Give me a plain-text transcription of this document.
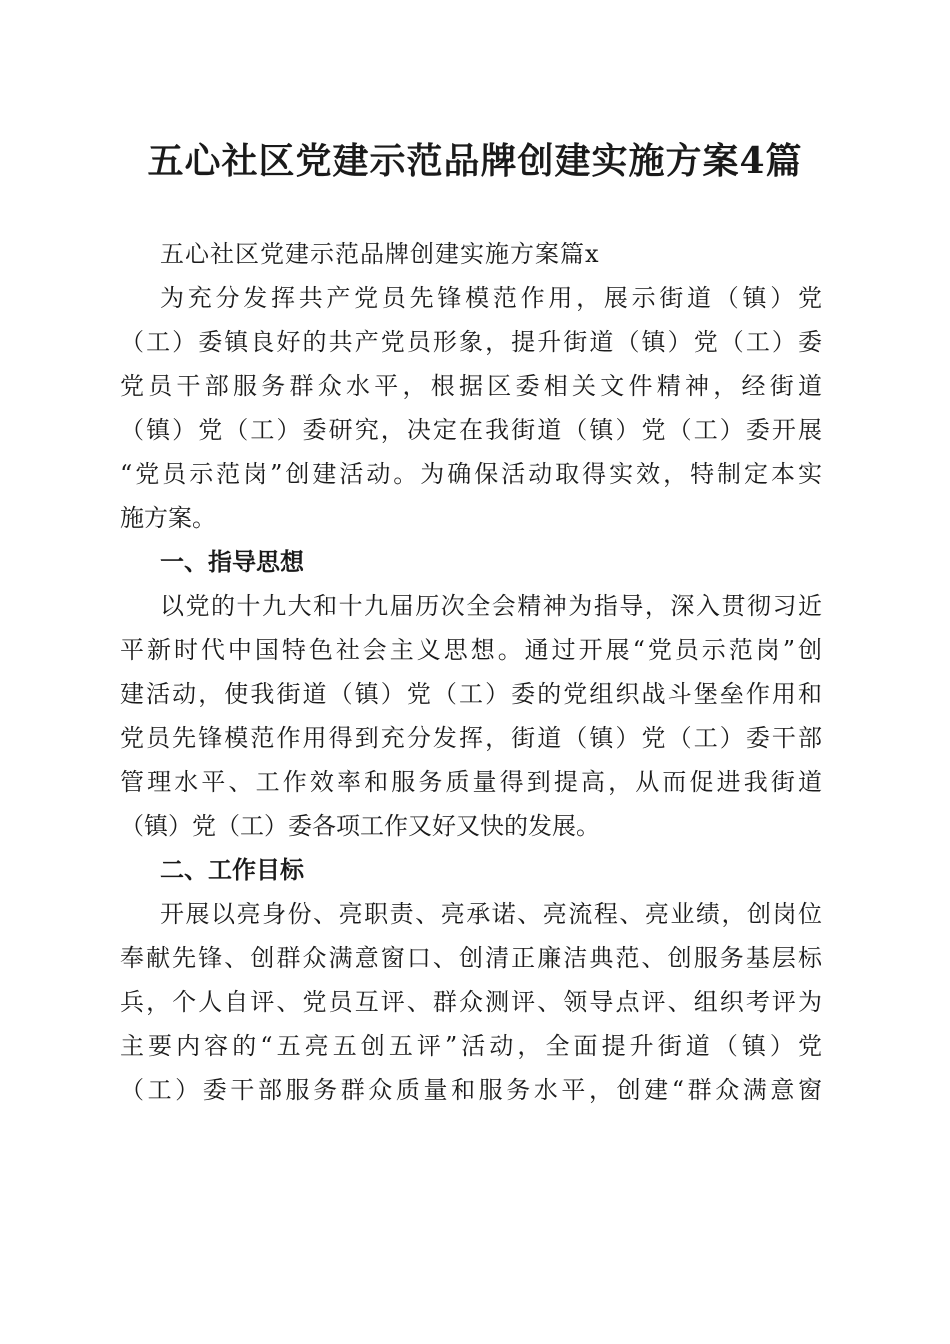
五心社区党建示范品牌创建实施方案4篇
五心社区党建示范品牌创建实施方案篇x
为充分发挥共产党员先锋模范作用，展示街道（镇）党
（工）委镇良好的共产党员形象，提升街道（镇）党（工）委
党员干部服务群众水平，根据区委相关文件精神，经街道
（镇）党（工）委研究，决定在我街道（镇）党（工）委开展
“党员示范岗”创建活动。为确保活动取得实效，特制定本实
施方案。
一、指导思想
以党的十九大和十九届历次全会精神为指导，深入贯彻习近
平新时代中国特色社会主义思想。通过开展“党员示范岗”创
建活动，使我街道（镇）党（工）委的党组织战斗堡垒作用和
党员先锋模范作用得到充分发挥，街道（镇）党（工）委干部
管理水平、工作效率和服务质量得到提高，从而促进我街道
（镇）党（工）委各项工作又好又快的发展。
二、工作目标
开展以亮身份、亮职责、亮承诺、亮流程、亮业绩，创岗位
奉献先锋、创群众满意窗口、创清正廉洁典范、创服务基层标
兵，个人自评、党员互评、群众测评、领导点评、组织考评为
主要内容的“五亮五创五评”活动，全面提升街道（镇）党
（工）委干部服务群众质量和服务水平，创建“群众满意窗
